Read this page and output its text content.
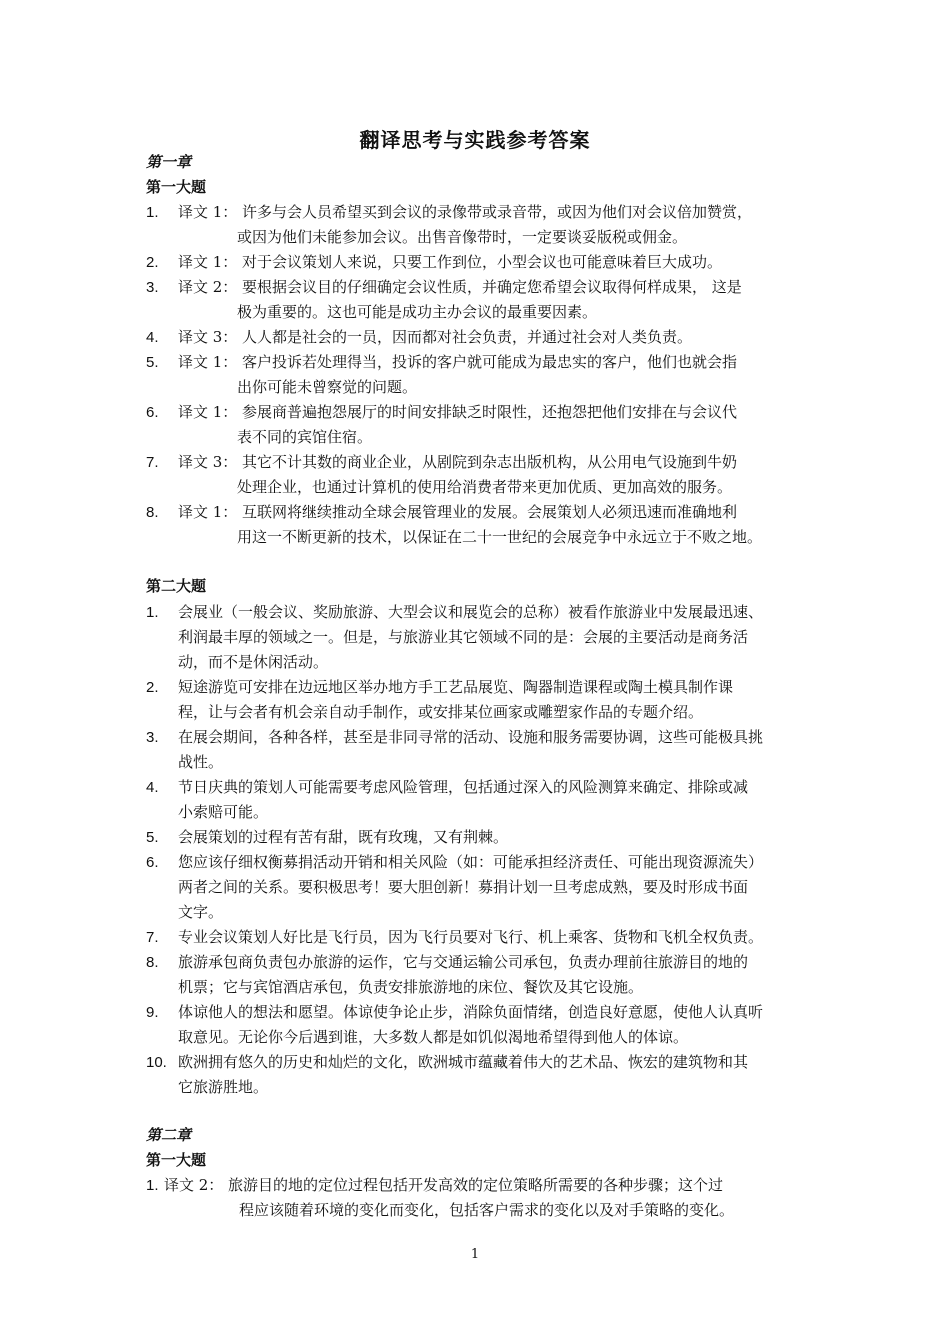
翻译思考与实践参考答案
第一章
第一大题
1. 译文 1： 许多与会人员希望买到会议的录像带或录音带，或因为他们对会议倍加赞赏，
或因为他们未能参加会议。出售音像带时，一定要谈妥版税或佣金。
2. 译文 1： 对于会议策划人来说，只要工作到位，小型会议也可能意味着巨大成功。
3. 译文 2： 要根据会议目的仔细确定会议性质，并确定您希望会议取得何样成果， 这是
极为重要的。这也可能是成功主办会议的最重要因素。
4. 译文 3： 人人都是社会的一员，因而都对社会负责，并通过社会对人类负责。
5. 译文 1： 客户投诉若处理得当，投诉的客户就可能成为最忠实的客户，他们也就会指
出你可能未曾察觉的问题。
6. 译文 1： 参展商普遍抱怨展厅的时间安排缺乏时限性，还抱怨把他们安排在与会议代
表不同的宾馆住宿。
7. 译文 3： 其它不计其数的商业企业，从剧院到杂志出版机构，从公用电气设施到牛奶
处理企业，也通过计算机的使用给消费者带来更加优质、更加高效的服务。
8. 译文 1： 互联网将继续推动全球会展管理业的发展。会展策划人必须迅速而准确地利
用这一不断更新的技术，以保证在二十一世纪的会展竞争中永远立于不败之地。
第二大题
1. 会展业（一般会议、奖励旅游、大型会议和展览会的总称）被看作旅游业中发展最迅速、
利润最丰厚的领域之一。但是，与旅游业其它领域不同的是：会展的主要活动是商务活
动，而不是休闲活动。
2. 短途游览可安排在边远地区举办地方手工艺品展览、陶器制造课程或陶土模具制作课
程，让与会者有机会亲自动手制作，或安排某位画家或雕塑家作品的专题介绍。
3. 在展会期间，各种各样，甚至是非同寻常的活动、设施和服务需要协调，这些可能极具挑
战性。
4. 节日庆典的策划人可能需要考虑风险管理，包括通过深入的风险测算来确定、排除或减
小索赔可能。
5. 会展策划的过程有苦有甜，既有玫瑰，又有荆棘。
6. 您应该仔细权衡募捐活动开销和相关风险（如：可能承担经济责任、可能出现资源流失）
两者之间的关系。要积极思考！要大胆创新！募捐计划一旦考虑成熟，要及时形成书面
文字。
7. 专业会议策划人好比是飞行员，因为飞行员要对飞行、机上乘客、货物和飞机全权负责。
8. 旅游承包商负责包办旅游的运作，它与交通运输公司承包，负责办理前往旅游目的地的
机票；它与宾馆酒店承包，负责安排旅游地的床位、餐饮及其它设施。
9. 体谅他人的想法和愿望。体谅使争论止步，消除负面情绪，创造良好意愿，使他人认真听
取意见。无论你今后遇到谁，大多数人都是如饥似渴地希望得到他人的体谅。
10. 欧洲拥有悠久的历史和灿烂的文化，欧洲城市蕴藏着伟大的艺术品、恢宏的建筑物和其
它旅游胜地。
第二章
第一大题
1. 译文 2： 旅游目的地的定位过程包括开发高效的定位策略所需要的各种步骤；这个过
程应该随着环境的变化而变化，包括客户需求的变化以及对手策略的变化。
1
